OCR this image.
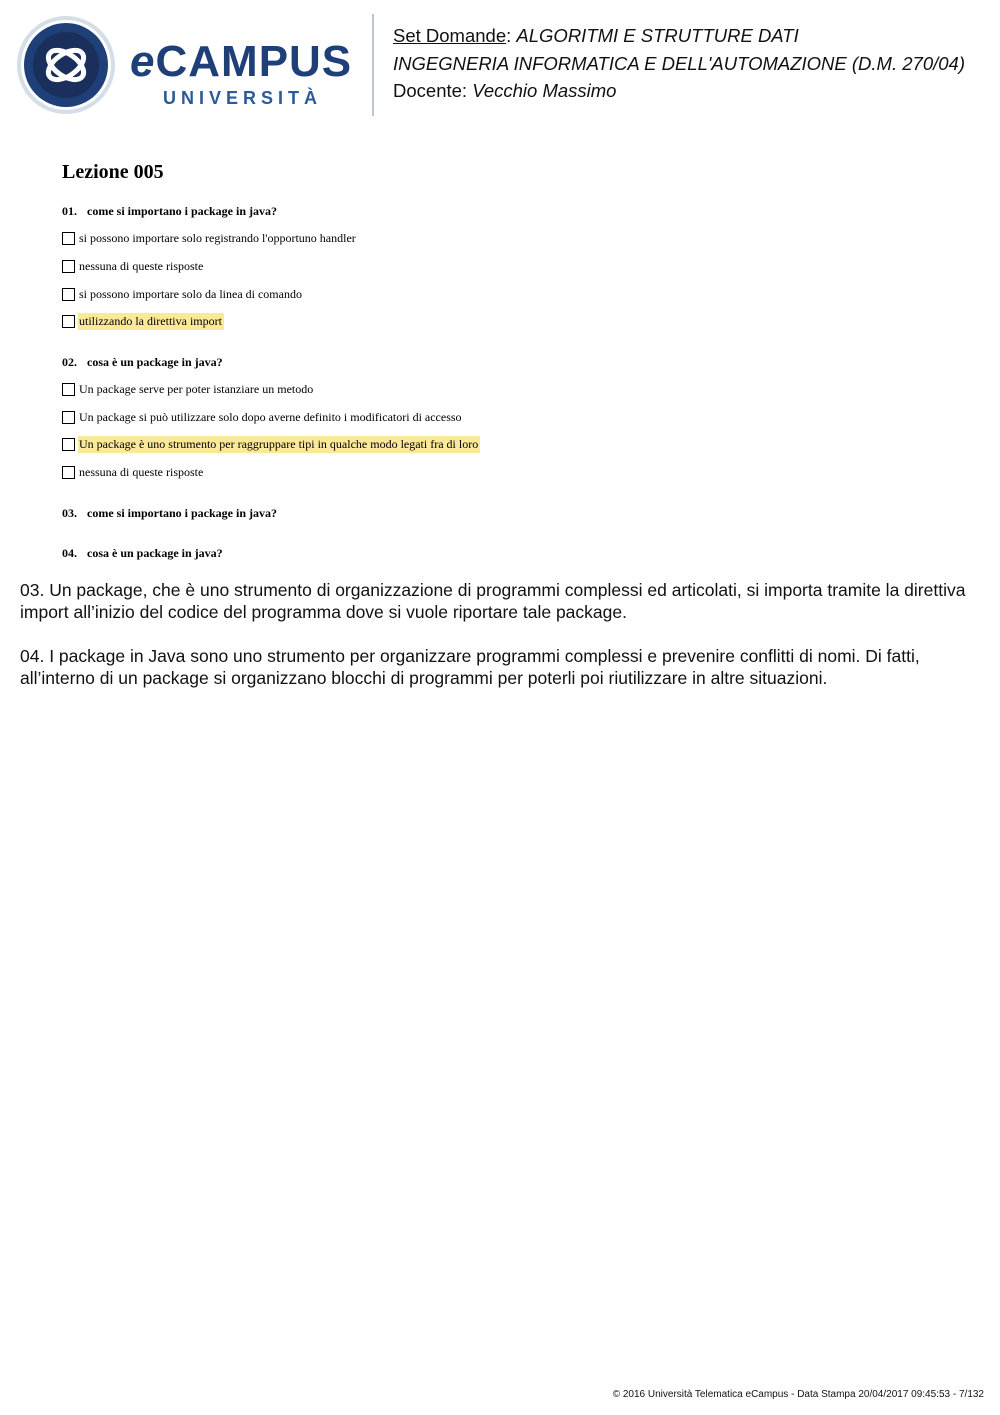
eCAMPUS
UNIVERSITÀ
Set Domande: ALGORITMI E STRUTTURE DATI
INGEGNERIA INFORMATICA E DELL'AUTOMAZIONE (D.M. 270/04)
Docente: Vecchio Massimo
Lezione 005
01. come si importano i package in java?
si possono importare solo registrando l'opportuno handler
nessuna di queste risposte
si possono importare solo da linea di comando
utilizzando la direttiva import
02. cosa è un package in java?
Un package serve per poter istanziare un metodo
Un package si può utilizzare solo dopo averne definito i modificatori di accesso
Un package è uno strumento per raggruppare tipi in qualche modo legati fra di loro
nessuna di queste risposte
03. come si importano i package in java?
04. cosa è un package in java?
03. Un package, che è uno strumento di organizzazione di programmi complessi ed articolati, si importa tramite la direttiva import all’inizio del codice del programma dove si vuole riportare tale package.
04. I package in Java sono uno strumento per organizzare programmi complessi e prevenire conflitti di nomi. Di fatti, all’interno di un package si organizzano blocchi di programmi per poterli poi riutilizzare in altre situazioni.
© 2016 Università Telematica eCampus - Data Stampa 20/04/2017 09:45:53 - 7/132
